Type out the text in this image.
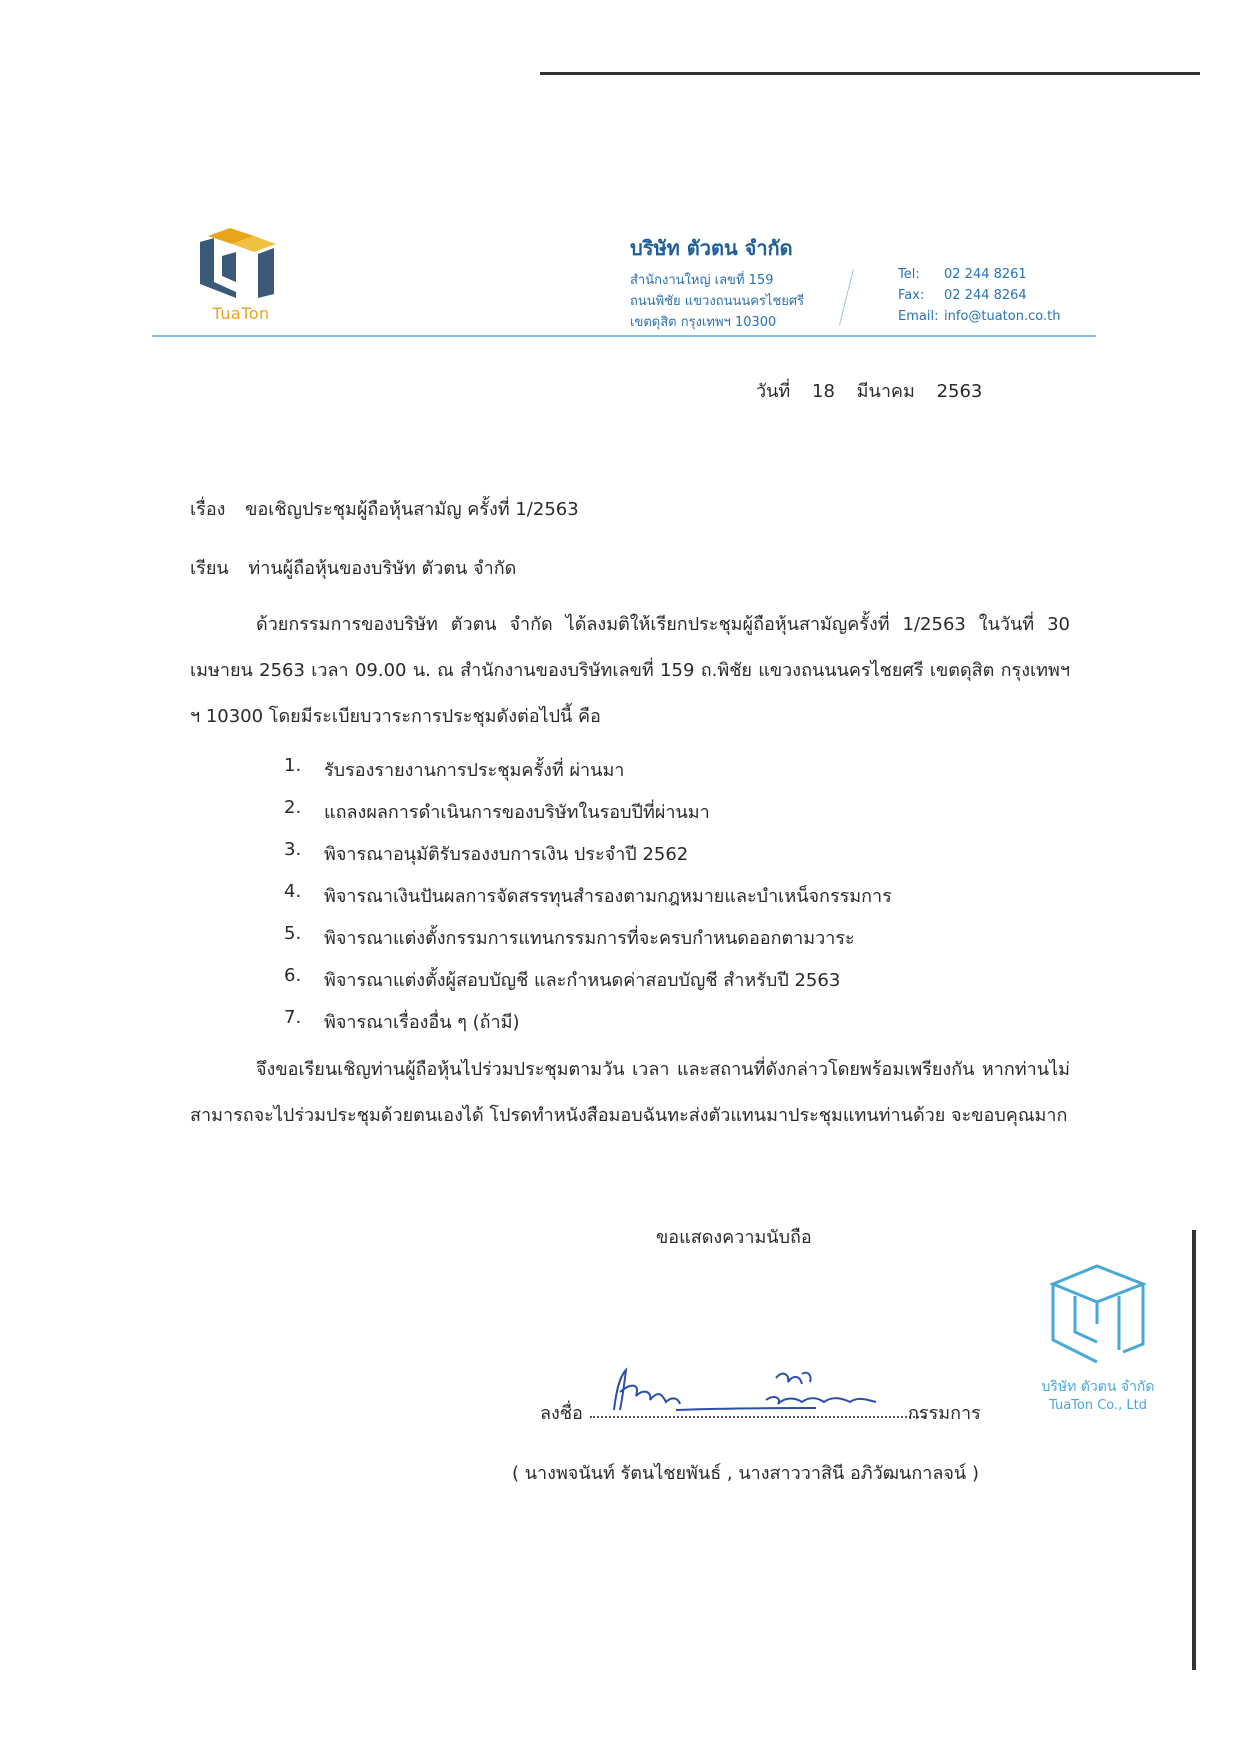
TuaTon
บริษัท ตัวตน จำกัด
สำนักงานใหญ่ เลขที่ 159
ถนนพิชัย แขวงถนนนครไชยศรี
เขตดุสิต กรุงเทพฯ 10300
Tel:	02 244 8261
Fax:	02 244 8264
Email: info@tuaton.co.th
วันที่ 18 มีนาคม 2563
เรื่อง ขอเชิญประชุมผู้ถือหุ้นสามัญ ครั้งที่ 1/2563
เรียน ท่านผู้ถือหุ้นของบริษัท ตัวตน จำกัด
ด้วยกรรมการของบริษัท ตัวตน จำกัด ได้ลงมติให้เรียกประชุมผู้ถือหุ้นสามัญครั้งที่ 1/2563 ในวันที่ 30 เมษายน 2563 เวลา 09.00 น. ณ สำนักงานของบริษัทเลขที่ 159 ถ.พิชัย แขวงถนนนครไชยศรี เขตดุสิต กรุงเทพฯฯ 10300 โดยมีระเบียบวาระการประชุมดังต่อไปนี้ คือ
1.	รับรองรายงานการประชุมครั้งที่ ผ่านมา
2.	แถลงผลการดำเนินการของบริษัทในรอบปีที่ผ่านมา
3.	พิจารณาอนุมัติรับรองงบการเงิน ประจำปี 2562
4.	พิจารณาเงินปันผลการจัดสรรทุนสำรองตามกฎหมายและบำเหน็จกรรมการ
5.	พิจารณาแต่งตั้งกรรมการแทนกรรมการที่จะครบกำหนดออกตามวาระ
6.	พิจารณาแต่งตั้งผู้สอบบัญชี และกำหนดค่าสอบบัญชี สำหรับปี 2563
7.	พิจารณาเรื่องอื่น ๆ (ถ้ามี)
จึงขอเรียนเชิญท่านผู้ถือหุ้นไปร่วมประชุมตามวัน เวลา และสถานที่ดังกล่าวโดยพร้อมเพรียงกัน หากท่านไม่สามารถจะไปร่วมประชุมด้วยตนเองได้ โปรดทำหนังสือมอบฉันทะส่งตัวแทนมาประชุมแทนท่านด้วย จะขอบคุณมาก
ขอแสดงความนับถือ
บริษัท ตัวตน จำกัด
TuaTon Co., Ltd
ลงชื่อ	กรรมการ
( นางพจนันท์ รัตนไชยพันธ์ , นางสาววาสินี อภิวัฒนกาลจน์ )
